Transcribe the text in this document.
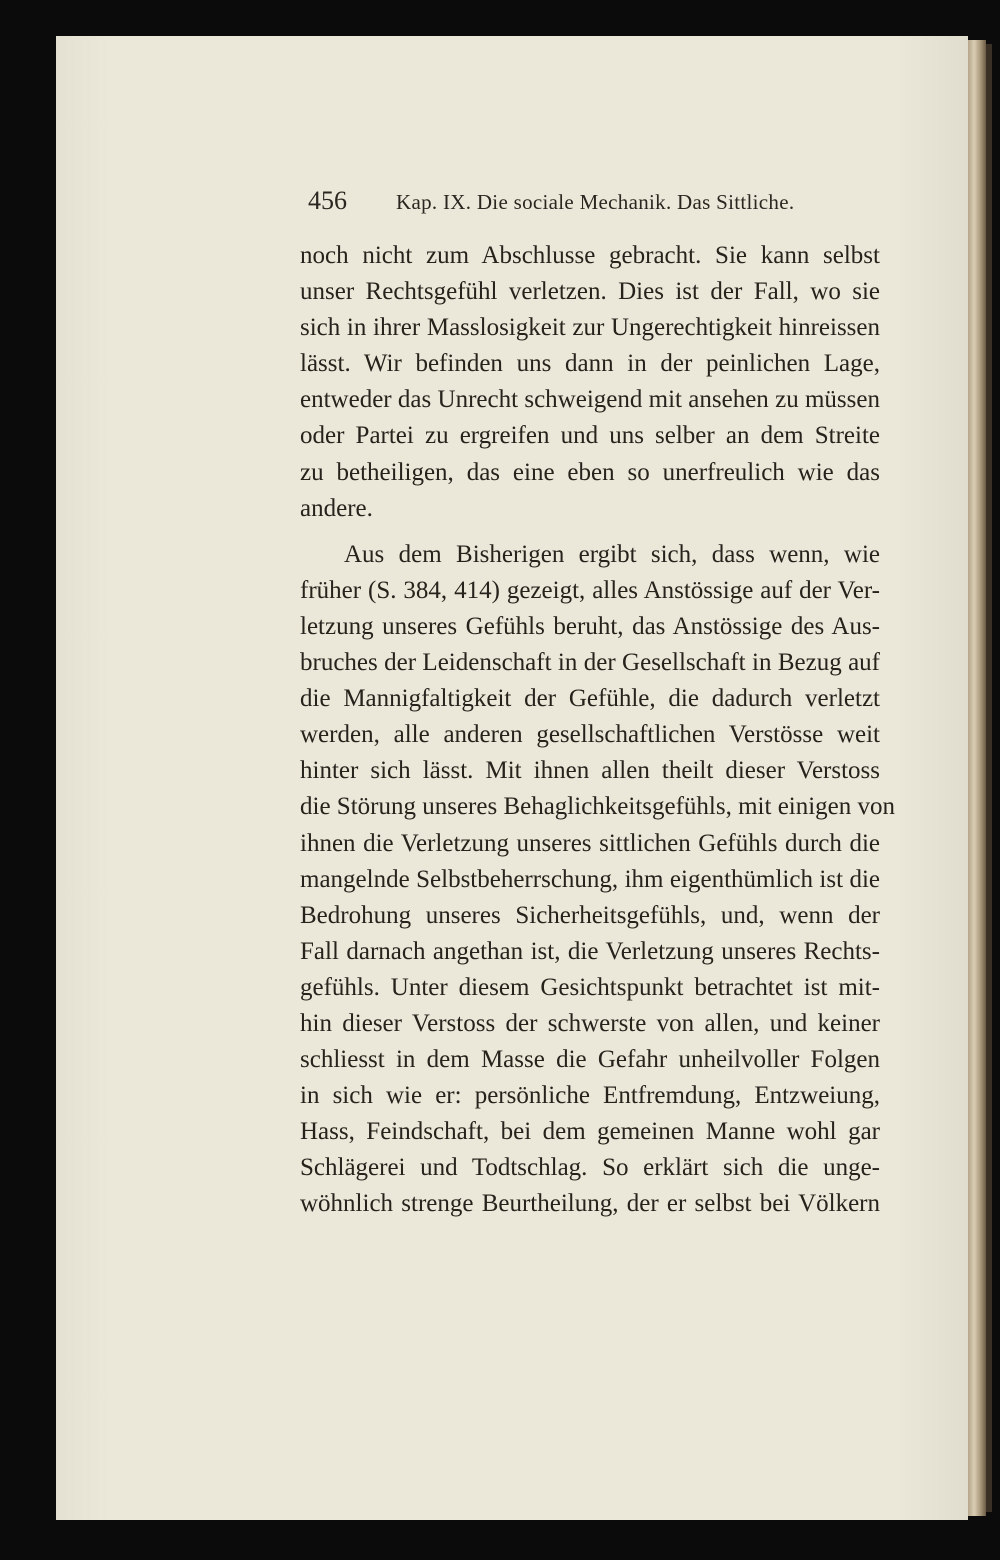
456 Kap. IX. Die sociale Mechanik. Das Sittliche.
noch nicht zum Abschlusse gebracht. Sie kann selbst
unser Rechtsgefühl verletzen. Dies ist der Fall, wo sie
sich in ihrer Masslosigkeit zur Ungerechtigkeit hinreissen
lässt. Wir befinden uns dann in der peinlichen Lage,
entweder das Unrecht schweigend mit ansehen zu müssen
oder Partei zu ergreifen und uns selber an dem Streite
zu betheiligen, das eine eben so unerfreulich wie das
andere.
Aus dem Bisherigen ergibt sich, dass wenn, wie
früher (S. 384, 414) gezeigt, alles Anstössige auf der Ver-
letzung unseres Gefühls beruht, das Anstössige des Aus-
bruches der Leidenschaft in der Gesellschaft in Bezug auf
die Mannigfaltigkeit der Gefühle, die dadurch verletzt
werden, alle anderen gesellschaftlichen Verstösse weit
hinter sich lässt. Mit ihnen allen theilt dieser Verstoss
die Störung unseres Behaglichkeitsgefühls, mit einigen von
ihnen die Verletzung unseres sittlichen Gefühls durch die
mangelnde Selbstbeherrschung, ihm eigenthümlich ist die
Bedrohung unseres Sicherheitsgefühls, und, wenn der
Fall darnach angethan ist, die Verletzung unseres Rechts-
gefühls. Unter diesem Gesichtspunkt betrachtet ist mit-
hin dieser Verstoss der schwerste von allen, und keiner
schliesst in dem Masse die Gefahr unheilvoller Folgen
in sich wie er: persönliche Entfremdung, Entzweiung,
Hass, Feindschaft, bei dem gemeinen Manne wohl gar
Schlägerei und Todtschlag. So erklärt sich die unge-
wöhnlich strenge Beurtheilung, der er selbst bei Völkern
